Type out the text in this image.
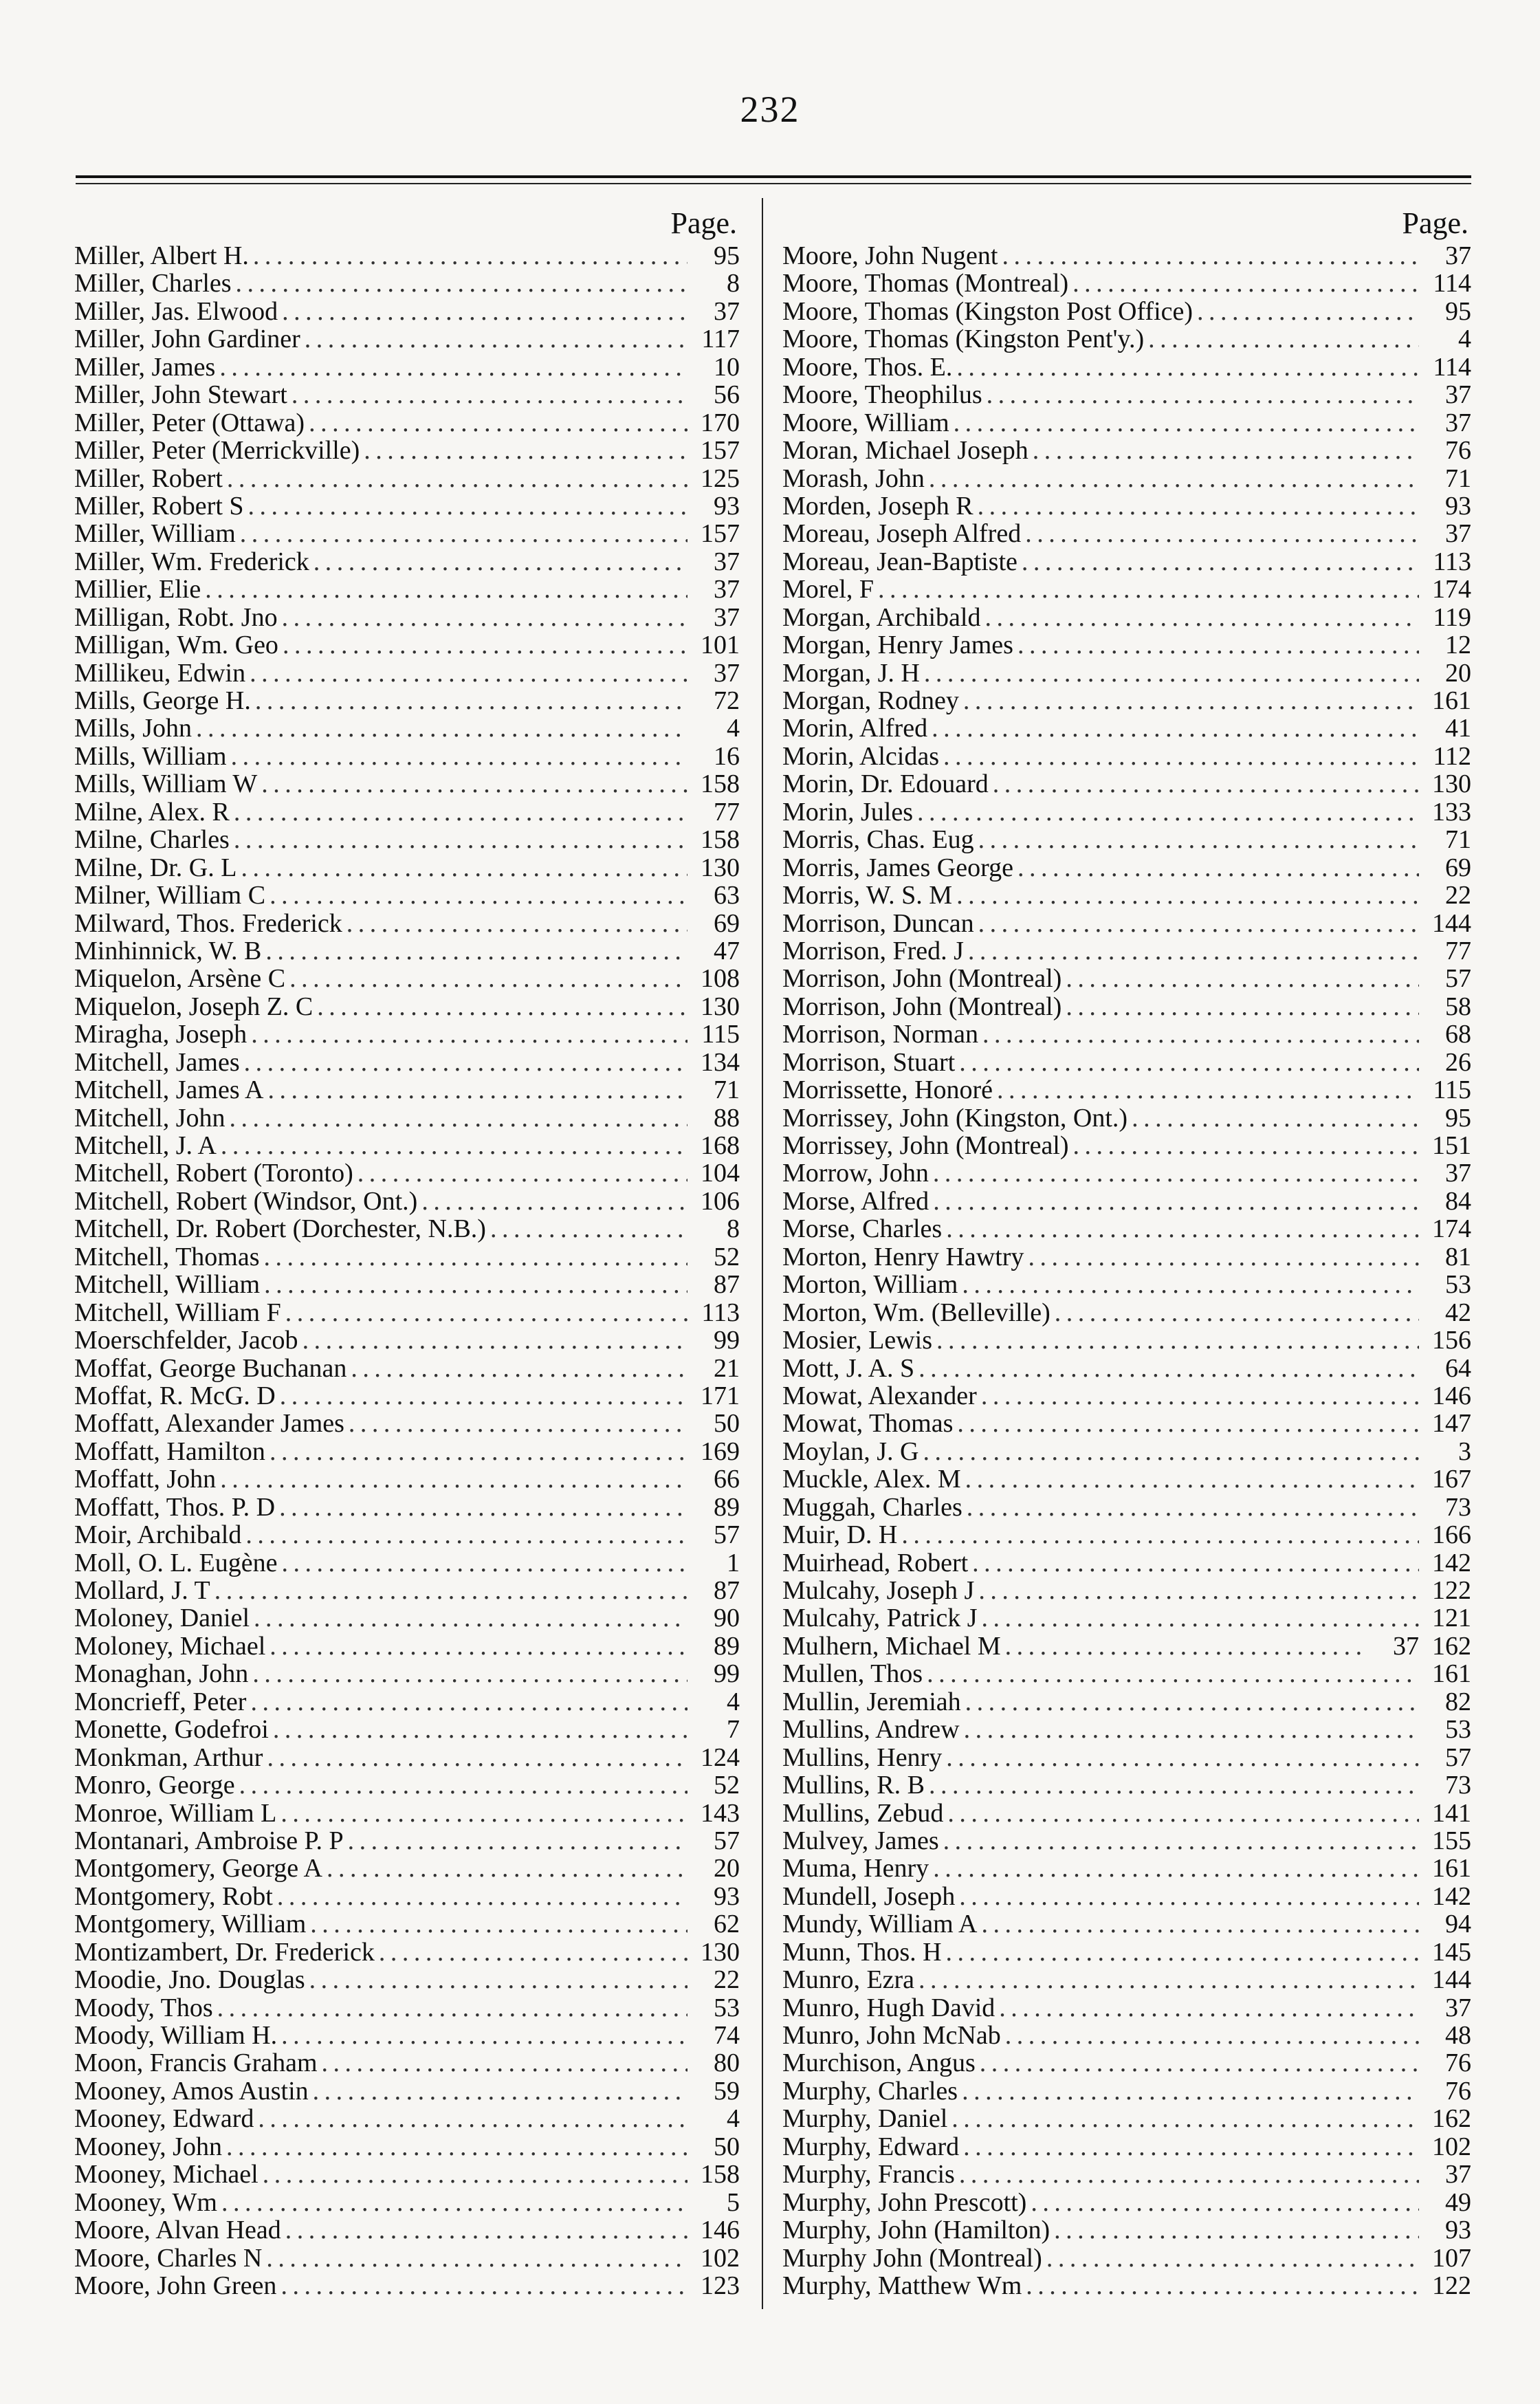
232
Page.
Miller, Albert H. . . .	95
Miller, Charles . . .	8
Miller, Jas. Elwood . . .	37
Miller, John Gardiner . . .	117
Miller, James . . .	10
Miller, John Stewart . . .	56
Miller, Peter (Ottawa) . . .	170
Miller, Peter (Merrickville) . . .	157
Miller, Robert . . .	125
Miller, Robert S . . .	93
Miller, William . . .	157
Miller, Wm. Frederick . . .	37
Millier, Elie . . .	37
Milligan, Robt. Jno . . .	37
Milligan, Wm. Geo . . .	101
Millikeu, Edwin . . .	37
Mills, George H. . . .	72
Mills, John . . .	4
Mills, William . . .	16
Mills, William W . . .	158
Milne, Alex. R . . .	77
Milne, Charles . . .	158
Milne, Dr. G. L . . .	130
Milner, William C . . .	63
Milward, Thos. Frederick . . .	69
Minhinnick, W. B . . .	47
Miquelon, Arsène C . . .	108
Miquelon, Joseph Z. C . . .	130
Miragha, Joseph . . .	115
Mitchell, James . . .	134
Mitchell, James A . . .	71
Mitchell, John . . .	88
Mitchell, J. A . . .	168
Mitchell, Robert (Toronto) . . .	104
Mitchell, Robert (Windsor, Ont.) . . .	106
Mitchell, Dr. Robert (Dorchester, N.B.) . . .	8
Mitchell, Thomas . . .	52
Mitchell, William . . .	87
Mitchell, William F . . .	113
Moerschfelder, Jacob . . .	99
Moffat, George Buchanan . . .	21
Moffat, R. McG. D . . .	171
Moffatt, Alexander James . . .	50
Moffatt, Hamilton . . .	169
Moffatt, John . . .	66
Moffatt, Thos. P. D . . .	89
Moir, Archibald . . .	57
Moll, O. L. Eugène . . .	1
Mollard, J. T . . .	87
Moloney, Daniel . . .	90
Moloney, Michael . . .	89
Monaghan, John . . .	99
Moncrieff, Peter . . .	4
Monette, Godefroi . . .	7
Monkman, Arthur . . .	124
Monro, George . . .	52
Monroe, William L . . .	143
Montanari, Ambroise P. P . . .	57
Montgomery, George A . . .	20
Montgomery, Robt . . .	93
Montgomery, William . . .	62
Montizambert, Dr. Frederick . . .	130
Moodie, Jno. Douglas . . .	22
Moody, Thos . . .	53
Moody, William H. . . .	74
Moon, Francis Graham . . .	80
Mooney, Amos Austin . . .	59
Mooney, Edward . . .	4
Mooney, John . . .	50
Mooney, Michael . . .	158
Mooney, Wm . . .	5
Moore, Alvan Head . . .	146
Moore, Charles N . . .	102
Moore, John Green . . .	123
Page.
Moore, John Nugent . . .	37
Moore, Thomas (Montreal) . . .	114
Moore, Thomas (Kingston Post Office) . . .	95
Moore, Thomas (Kingston Pent'y.) . . .	4
Moore, Thos. E. . . .	114
Moore, Theophilus . . .	37
Moore, William . . .	37
Moran, Michael Joseph . . .	76
Morash, John . . .	71
Morden, Joseph R . . .	93
Moreau, Joseph Alfred . . .	37
Moreau, Jean-Baptiste . . .	113
Morel, F . . .	174
Morgan, Archibald . . .	119
Morgan, Henry James . . .	12
Morgan, J. H . . .	20
Morgan, Rodney . . .	161
Morin, Alfred . . .	41
Morin, Alcidas . . .	112
Morin, Dr. Edouard . . .	130
Morin, Jules . . .	133
Morris, Chas. Eug . . .	71
Morris, James George . . .	69
Morris, W. S. M . . .	22
Morrison, Duncan . . .	144
Morrison, Fred. J . . .	77
Morrison, John (Montreal) . . .	57
Morrison, John (Montreal) . . .	58
Morrison, Norman . . .	68
Morrison, Stuart . . .	26
Morrissette, Honoré . . .	115
Morrissey, John (Kingston, Ont.) . . .	95
Morrissey, John (Montreal) . . .	151
Morrow, John . . .	37
Morse, Alfred . . .	84
Morse, Charles . . .	174
Morton, Henry Hawtry . . .	81
Morton, William . . .	53
Morton, Wm. (Belleville) . . .	42
Mosier, Lewis . . .	156
Mott, J. A. S . . .	64
Mowat, Alexander . . .	146
Mowat, Thomas . . .	147
Moylan, J. G . . .	3
Muckle, Alex. M . . .	167
Muggah, Charles . . .	73
Muir, D. H . . .	166
Muirhead, Robert . . .	142
Mulcahy, Joseph J . . .	122
Mulcahy, Patrick J . . .	121
Mulhern, Michael M . . .	37 162
Mullen, Thos . . .	161
Mullin, Jeremiah . . .	82
Mullins, Andrew . . .	53
Mullins, Henry . . .	57
Mullins, R. B . . .	73
Mullins, Zebud . . .	141
Mulvey, James . . .	155
Muma, Henry . . .	161
Mundell, Joseph . . .	142
Mundy, William A . . .	94
Munn, Thos. H . . .	145
Munro, Ezra . . .	144
Munro, Hugh David . . .	37
Munro, John McNab . . .	48
Murchison, Angus . . .	76
Murphy, Charles . . .	76
Murphy, Daniel . . .	162
Murphy, Edward . . .	102
Murphy, Francis . . .	37
Murphy, John Prescott) . . .	49
Murphy, John (Hamilton) . . .	93
Murphy John (Montreal) . . .	107
Murphy, Matthew Wm . . .	122
